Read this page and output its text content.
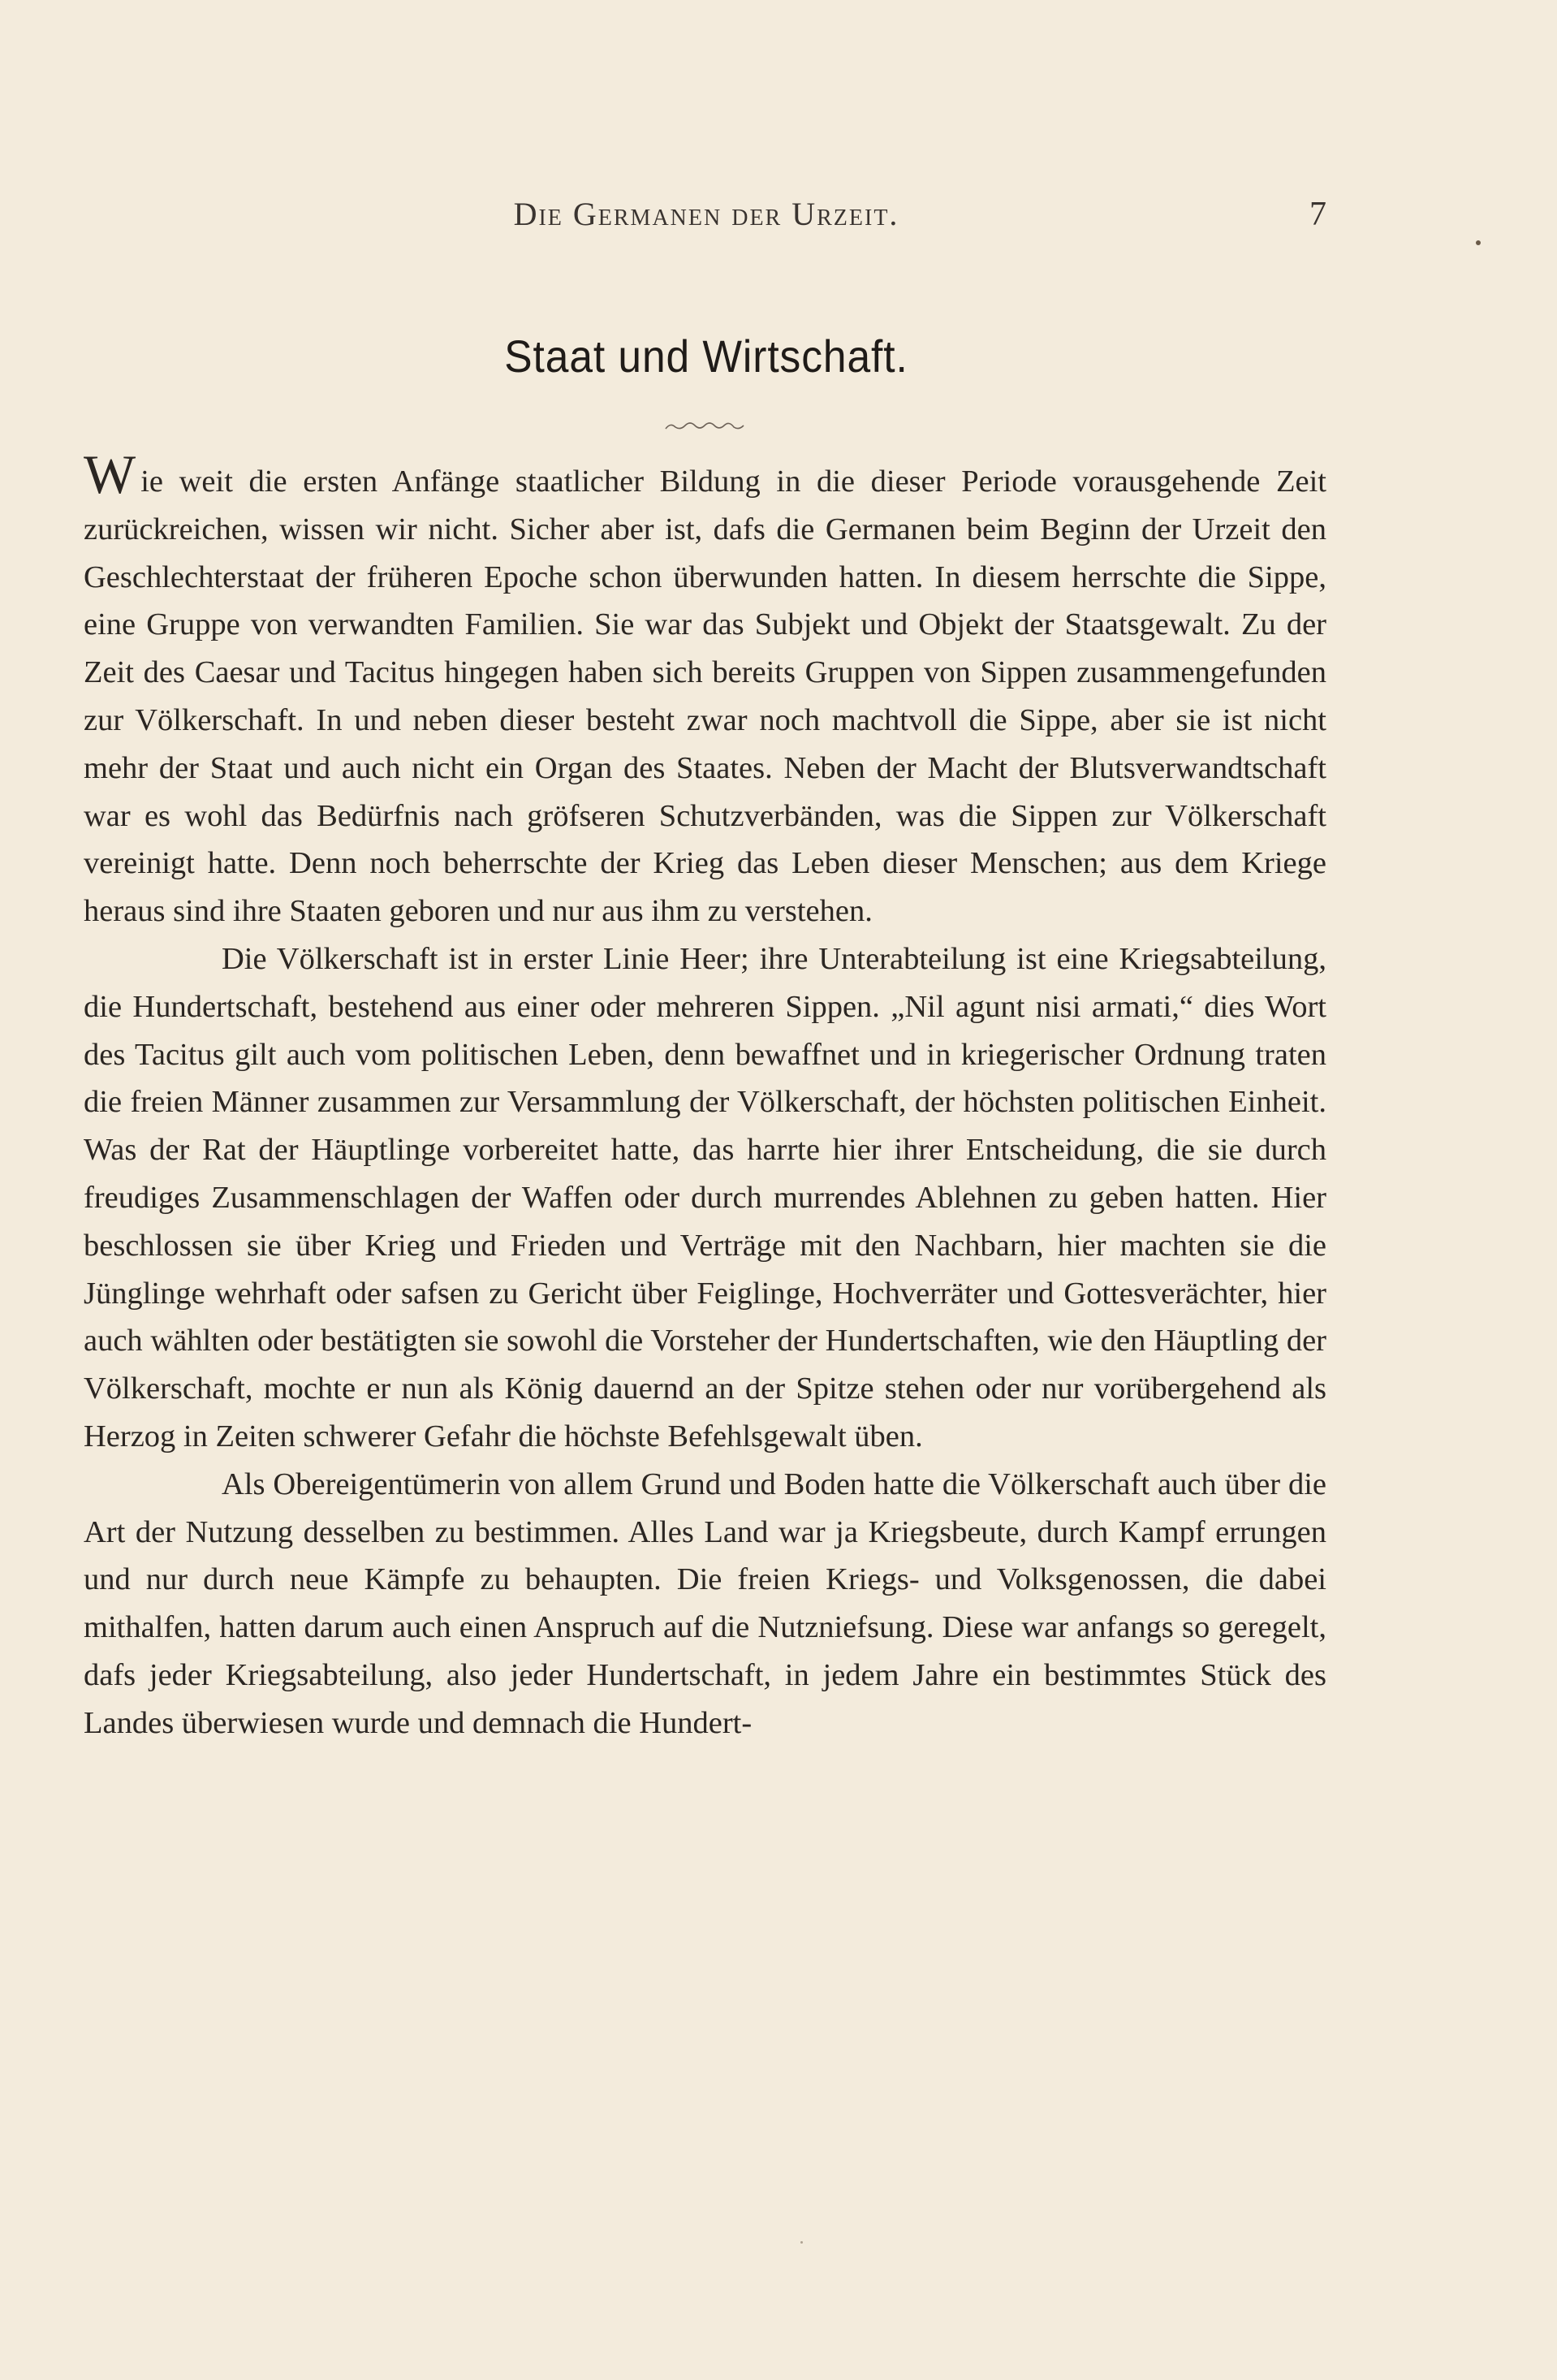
Die Germanen der Urzeit.	7
Staat und Wirtschaft.

Wie weit die ersten Anfänge staatlicher Bildung in die dieser Periode vorausgehende Zeit zurückreichen, wissen wir nicht. Sicher aber ist, dafs die Germanen beim Beginn der Urzeit den Geschlechterstaat der früheren Epoche schon überwunden hatten. In diesem herrschte die Sippe, eine Gruppe von verwandten Familien. Sie war das Subjekt und Objekt der Staatsgewalt. Zu der Zeit des Caesar und Tacitus hingegen haben sich bereits Gruppen von Sippen zusammengefunden zur Völkerschaft. In und neben dieser besteht zwar noch machtvoll die Sippe, aber sie ist nicht mehr der Staat und auch nicht ein Organ des Staates. Neben der Macht der Blutsverwandtschaft war es wohl das Bedürfnis nach gröfseren Schutzverbänden, was die Sippen zur Völkerschaft vereinigt hatte. Denn noch beherrschte der Krieg das Leben dieser Menschen; aus dem Kriege heraus sind ihre Staaten geboren und nur aus ihm zu verstehen.

Die Völkerschaft ist in erster Linie Heer; ihre Unterabteilung ist eine Kriegsabteilung, die Hundertschaft, bestehend aus einer oder mehreren Sippen. „Nil agunt nisi armati,“ dies Wort des Tacitus gilt auch vom politischen Leben, denn bewaffnet und in kriegerischer Ordnung traten die freien Männer zusammen zur Versammlung der Völkerschaft, der höchsten politischen Einheit. Was der Rat der Häuptlinge vorbereitet hatte, das harrte hier ihrer Entscheidung, die sie durch freudiges Zusammenschlagen der Waffen oder durch murrendes Ablehnen zu geben hatten. Hier beschlossen sie über Krieg und Frieden und Verträge mit den Nachbarn, hier machten sie die Jünglinge wehrhaft oder safsen zu Gericht über Feiglinge, Hochverräter und Gottesverächter, hier auch wählten oder bestätigten sie sowohl die Vorsteher der Hundertschaften, wie den Häuptling der Völkerschaft, mochte er nun als König dauernd an der Spitze stehen oder nur vorübergehend als Herzog in Zeiten schwerer Gefahr die höchste Befehlsgewalt üben.

Als Obereigentümerin von allem Grund und Boden hatte die Völkerschaft auch über die Art der Nutzung desselben zu bestimmen. Alles Land war ja Kriegsbeute, durch Kampf errungen und nur durch neue Kämpfe zu behaupten. Die freien Kriegs- und Volksgenossen, die dabei mithalfen, hatten darum auch einen Anspruch auf die Nutzniefsung. Diese war anfangs so geregelt, dafs jeder Kriegsabteilung, also jeder Hundertschaft, in jedem Jahre ein bestimmtes Stück des Landes überwiesen wurde und demnach die Hundert-
